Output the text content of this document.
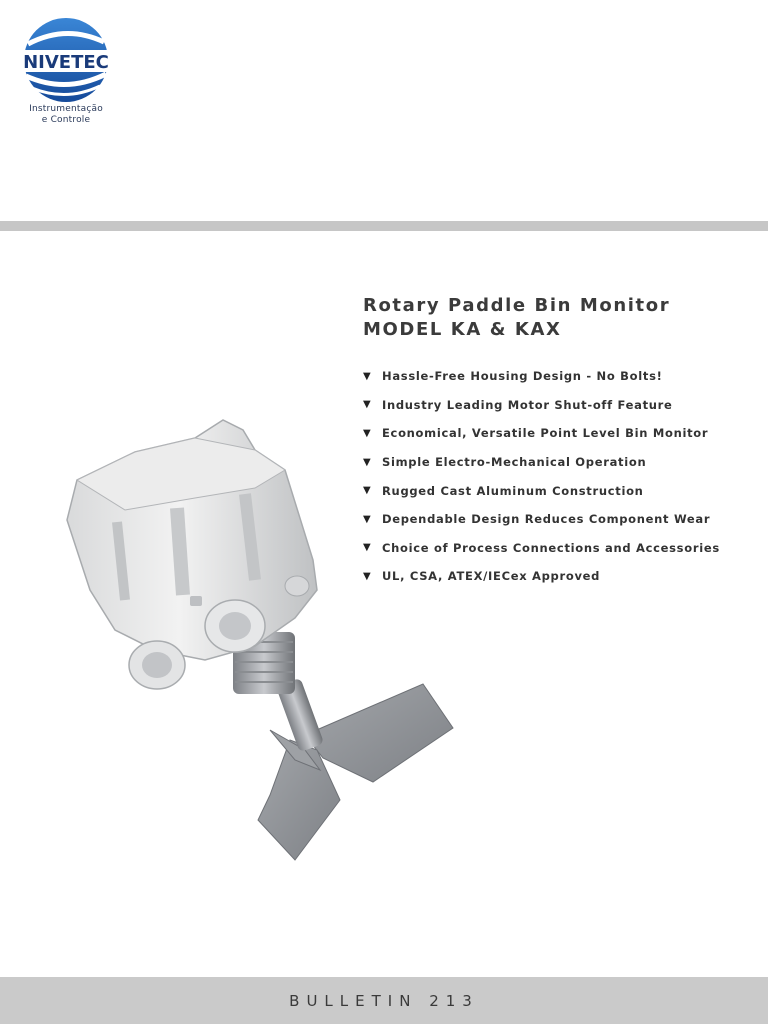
NIVETEC
Instrumentação
e Controle
Rotary Paddle Bin Monitor
MODEL KA & KAX
▼ Hassle-Free Housing Design - No Bolts!
▼ Industry Leading Motor Shut-off Feature
▼ Economical, Versatile Point Level Bin Monitor
▼ Simple Electro-Mechanical Operation
▼ Rugged Cast Aluminum Construction
▼ Dependable Design Reduces Component Wear
▼ Choice of Process Connections and Accessories
▼ UL, CSA, ATEX/IECex Approved
BULLETIN 213
